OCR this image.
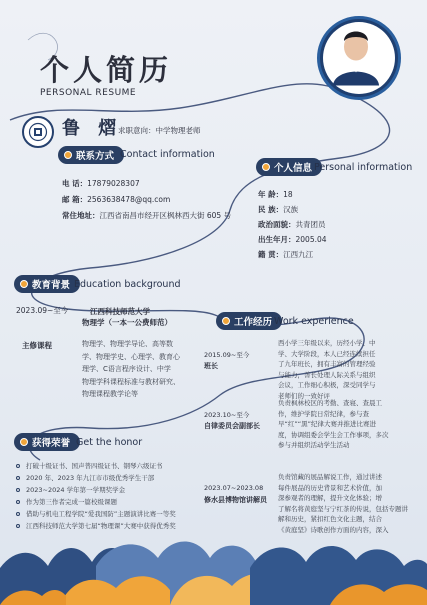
个人简历
PERSONAL RESUME
鲁 熠
求职意向：中学物理老师
联系方式 Contact information
电 话：17879028307
邮 箱：2563638478@qq.com
常住地址：江西省南昌市经开区枫林西大街 605 号
个人信息 Personal information
年 龄：18
民 族：汉族
政治面貌：共青团员
出生年月：2005.04
籍 贯：江西九江
教育背景 Education background
2023.09~至今	江西科技师范大学
物理学（一本一公费师范）
主修课程	物理学、物理学导论、高等数
学、物理学史、心理学、教育心
理学、C语言程序设计、中学
物理学科课程标准与教材研究、
物理课程教学论等
工作经历 Work experience
2015.09~至今
班长
西小学三年级以来，历经小学、中
学、大学阶段，本人已经连续担任
了九年班长，拥有丰富的管理经验
与能力，善长处理人际关系与组织
会议，工作细心积极，深受同学与
老师们的一致好评
2023.10~至今
自律委员会副部长
负责枫林校区的考勤、查寝、查晨工
作，维护学院日常纪律，参与查
早“红”“黑”纪律大赛并推进比赛进
度，协调组委会学生会工作事项，多次
参与并组织活动学生活动
2023.07~2023.08
修水县博物馆讲解员
负责馆藏的展品解说工作，通过讲述
每件展品的历史背景和艺术价值，加
深参观者的理解，提升文化体验；增
了解名将黄庭坚与宁红茶的传说，包括专题讲
解和历史，紧扣红色文化主题，结合
《黄庭坚》诗歌创作方面的内容，深入
获得荣誉 Get the honor
打破十级证书、国声普四级证书、钢琴六级证书
2020 年、2023 年九江市市级优秀学生干部
2023~2024 学年第一学期奖学金
作为第三作者完成一篇校级课题
借助与机电工程学院“爱我国防”主题演讲比赛一等奖
江西科技师范大学第七届“物理课”大赛中获得优秀奖
